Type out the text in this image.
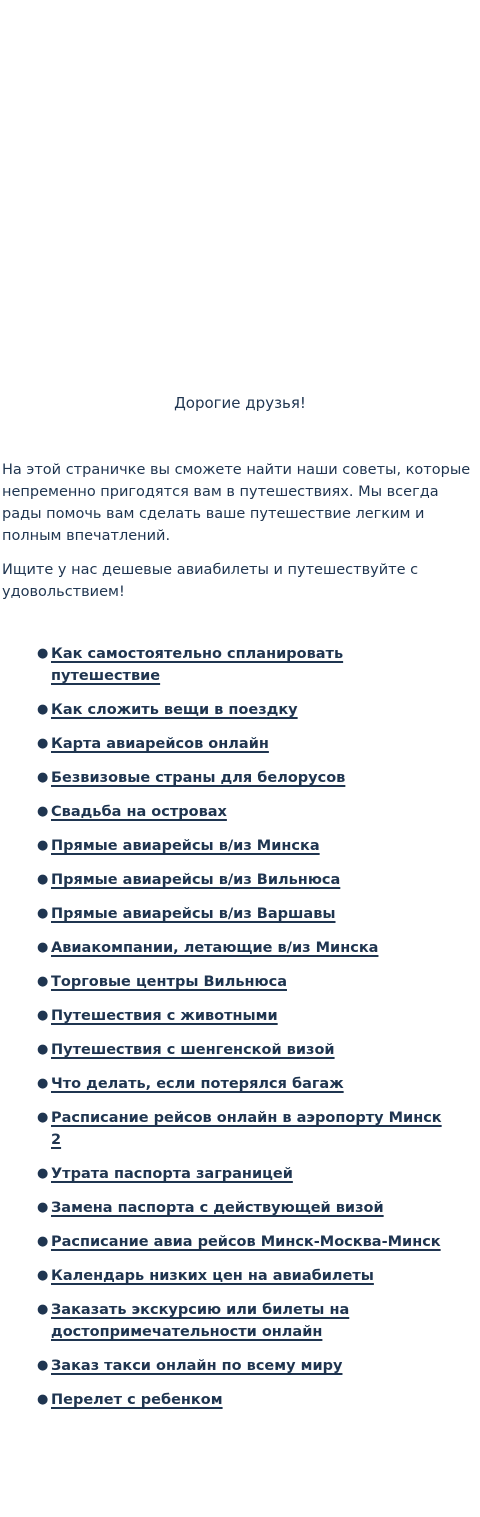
Дорогие друзья!

На этой страничке вы сможете найти наши советы, которые непременно пригодятся вам в путешествиях. Мы всегда рады помочь вам сделать ваше путешествие легким и полным впечатлений.

Ищите у нас дешевые авиабилеты и путешествуйте с удовольствием!

● Как самостоятельно спланировать путешествие
● Как сложить вещи в поездку
● Карта авиарейсов онлайн
● Безвизовые страны для белорусов
● Свадьба на островах
● Прямые авиарейсы в/из Минска
● Прямые авиарейсы в/из Вильнюса
● Прямые авиарейсы в/из Варшавы
● Авиакомпании, летающие в/из Минска
● Торговые центры Вильнюса
● Путешествия с животными
● Путешествия с шенгенской визой
● Что делать, если потерялся багаж
● Расписание рейсов онлайн в аэропорту Минск 2
● Утрата паспорта заграницей
● Замена паспорта с действующей визой
● Расписание авиа рейсов Минск-Москва-Минск
● Календарь низких цен на авиабилеты
● Заказать экскурсию или билеты на достопримечательности онлайн
● Заказ такси онлайн по всему миру
● Перелет с ребенком
